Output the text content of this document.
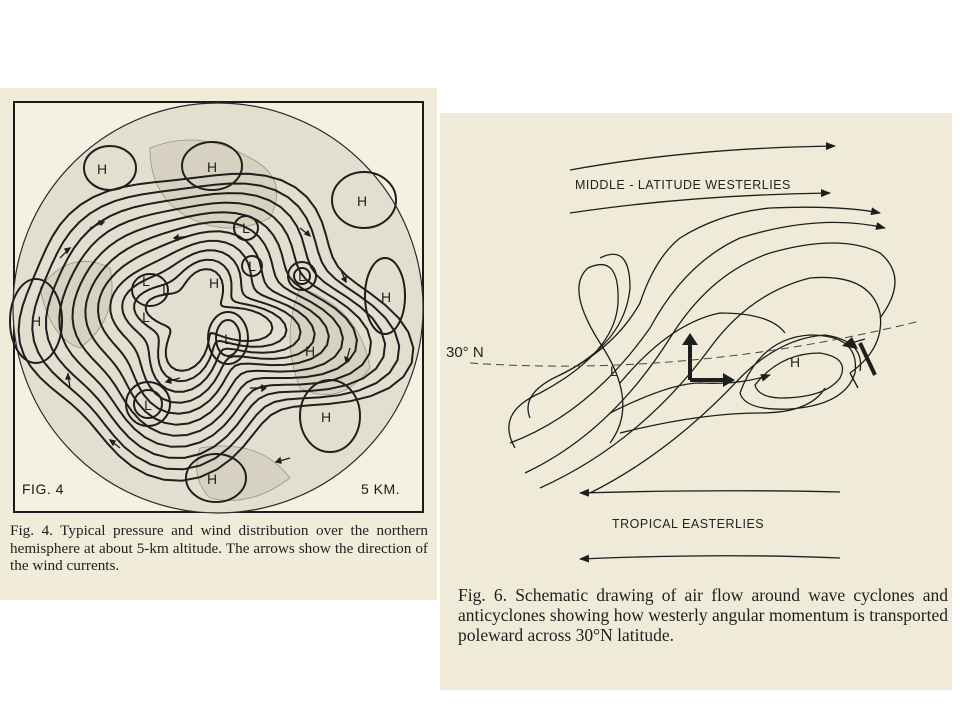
H
H
H
H
H
H
H
H
H
L
L
L
L L
L
L
L
FIG. 4	5 KM.
Fig. 4. Typical pressure and wind distribution over the northern hemisphere at about 5-km altitude. The arrows show the direction of the wind currents.
MIDDLE - LATITUDE WESTERLIES
30° N
L
H
TROPICAL EASTERLIES
Fig. 6. Schematic drawing of air flow around wave cyclones and anticyclones showing how westerly angular momentum is transported poleward across 30°N latitude.
